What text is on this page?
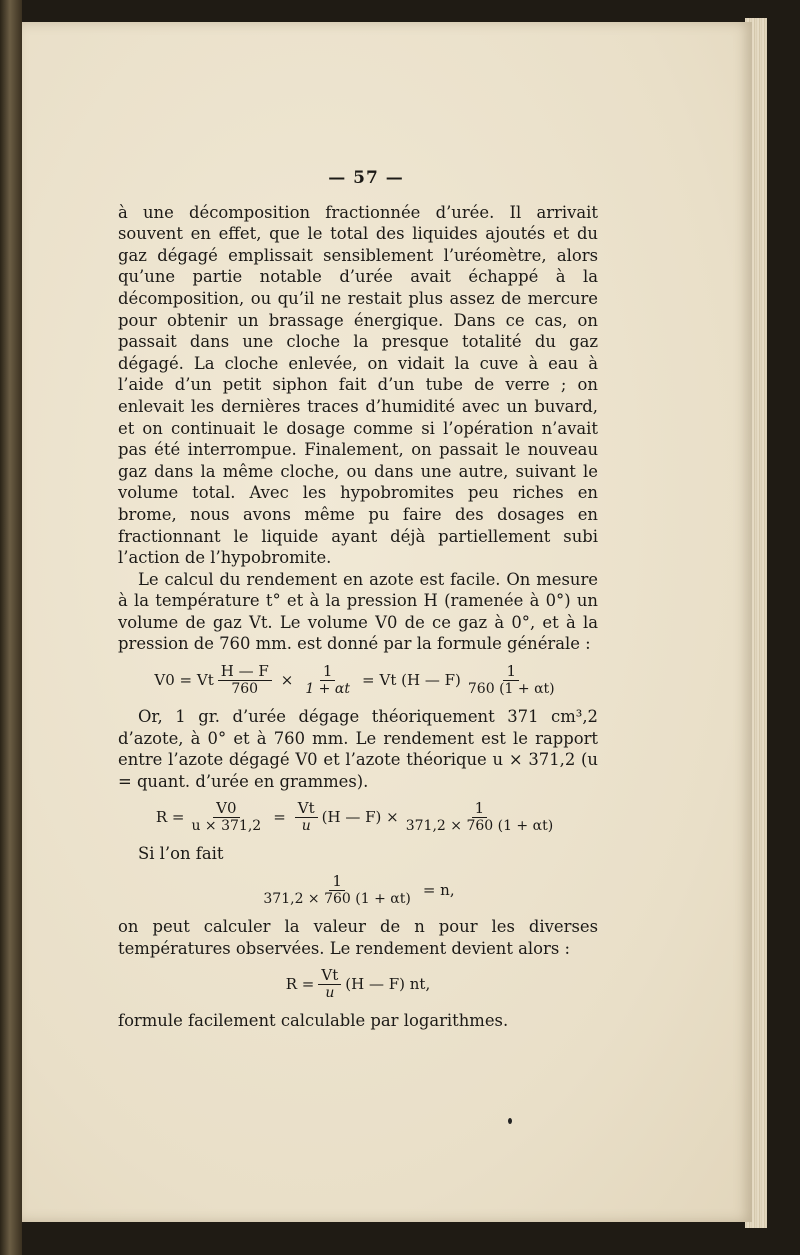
— 57 —

à une décomposition fractionnée d’urée. Il arrivait souvent en effet, que le total des liquides ajoutés et du gaz dégagé emplissait sensiblement l’uréomètre, alors qu’une partie notable d’urée avait échappé à la décomposition, ou qu’il ne restait plus assez de mercure pour obtenir un brassage énergique. Dans ce cas, on passait dans une cloche la presque totalité du gaz dégagé. La cloche enlevée, on vidait la cuve à eau à l’aide d’un petit siphon fait d’un tube de verre ; on enlevait les dernières traces d’humidité avec un buvard, et on continuait le dosage comme si l’opération n’avait pas été interrompue. Finalement, on passait le nouveau gaz dans la même cloche, ou dans une autre, suivant le volume total. Avec les hypobromites peu riches en brome, nous avons même pu faire des dosages en fractionnant le liquide ayant déjà partiellement subi l’action de l’hypobromite.

Le calcul du rendement en azote est facile. On mesure à la température t° et à la pression H (ramenée à 0°) un volume de gaz Vt. Le volume V0 de ce gaz à 0°, et à la pression de 760 mm. est donné par la formule générale :

V0 = Vt $\frac{H — F}{760} \times \frac{1}{1 + \alpha t} = Vt$ (H — $F) \frac{1}{760 (1 + \alpha t)}$

Or, 1 gr. d’urée dégage théoriquement 371 cm³,2 d’azote, à 0° et à 760 mm. Le rendement est le rapport entre l’azote dégagé V0 et l’azote théorique u × 371,2 (u = quant. d’urée en grammes).

$R = \frac{V0}{u \times 371,2} = \frac{Vt}{u} (H$ — $F) \times \frac{1}{371,2 \times 760 (1 + \alpha t)}$

Si l’on fait

$\frac{1}{371,2 \times 760 (1 + \alpha t)} = n$,

on peut calculer la valeur de n pour les diverses températures observées. Le rendement devient alors :

$R = \frac{Vt}{u} (H$ — F) nt,

formule facilement calculable par logarithmes.
